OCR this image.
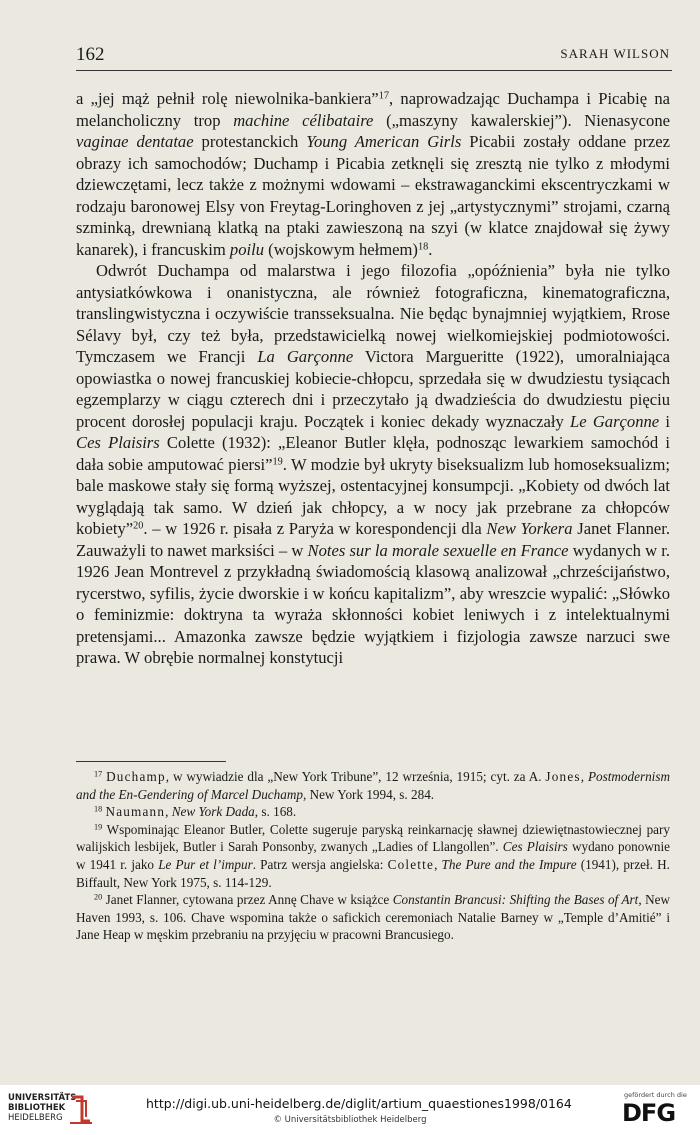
162	SARAH WILSON

a „jej mąż pełnił rolę niewolnika-bankiera”$^{17}$, naprowadzając Duchampa i Picabię na melancholiczny trop machine célibataire („maszyny kawalerskiej”). Nienasycone vaginae dentatae protestanckich Young American Girls Picabii zostały oddane przez obrazy ich samochodów; Duchamp i Picabia zetknęli się zresztą nie tylko z młodymi dziewczętami, lecz także z możnymi wdowami – ekstrawaganckimi ekscentryczkami w rodzaju baronowej Elsy von Freytag-Loringhoven z jej „artystycznymi” strojami, czarną szminką, drewnianą klatką na ptaki zawieszoną na szyi (w klatce znajdował się żywy kanarek), i francuskim poilu (wojskowym hełmem)$^{18}$.

Odwrót Duchampa od malarstwa i jego filozofia „opóźnienia” była nie tylko antysiatkówkowa i onanistyczna, ale również fotograficzna, kinematograficzna, translingwistyczna i oczywiście transseksualna. Nie będąc bynajmniej wyjątkiem, Rrose Sélavy był, czy też była, przedstawicielką nowej wielkomiejskiej podmiotowości. Tymczasem we Francji La Garçonne Victora Margueritte (1922), umoralniająca opowiastka o nowej francuskiej kobiecie-chłopcu, sprzedała się w dwudziestu tysiącach egzemplarzy w ciągu czterech dni i przeczytało ją dwadzieścia do dwudziestu pięciu procent dorosłej populacji kraju. Początek i koniec dekady wyznaczały Le Garçonne i Ces Plaisirs Colette (1932): „Eleanor Butler klęła, podnosząc lewarkiem samochód i dała sobie amputować piersi”$^{19}$. W modzie był ukryty biseksualizm lub homoseksualizm; bale maskowe stały się formą wyższej, ostentacyjnej konsumpcji. „Kobiety od dwóch lat wyglądają tak samo. W dzień jak chłopcy, a w nocy jak przebrane za chłopców kobiety”$^{20}$. – w 1926 r. pisała z Paryża w korespondencji dla New Yorkera Janet Flanner. Zauważyli to nawet marksiści – w Notes sur la morale sexuelle en France wydanych w r. 1926 Jean Montrevel z przykładną świadomością klasową analizował „chrześcijaństwo, rycerstwo, syfilis, życie dworskie i w końcu kapitalizm”, aby wreszcie wypalić: „Słówko o feminizmie: doktryna ta wyraża skłonności kobiet leniwych i z intelektualnymi pretensjami... Amazonka zawsze będzie wyjątkiem i fizjologia zawsze narzuci swe prawa. W obrębie normalnej konstytucji

$^{17}$ Duchamp, w wywiadzie dla „New York Tribune”, 12 września, 1915; cyt. za A. Jones, Postmodernism and the En-Gendering of Marcel Duchamp, New York 1994, s. 284.

$^{18}$ Naumann, New York Dada, s. 168.

$^{19}$ Wspominając Eleanor Butler, Colette sugeruje paryską reinkarnację sławnej dziewiętnastowiecznej pary walijskich lesbijek, Butler i Sarah Ponsonby, zwanych „Ladies of Llangollen”. Ces Plaisirs wydano ponownie w 1941 r. jako Le Pur et l’impur. Patrz wersja angielska: Colette, The Pure and the Impure (1941), przeł. H. Biffault, New York 1975, s. 114-129.

$^{20}$ Janet Flanner, cytowana przez Annę Chave w książce Constantin Brancusi: Shifting the Bases of Art, New Haven 1993, s. 106. Chave wspomina także o safickich ceremoniach Natalie Barney w „Temple d’Amitié” i Jane Heap w męskim przebraniu na przyjęciu w pracowni Brancusiego.

UNIVERSITÄTS-
BIBLIOTHEK
HEIDELBERG
http://digi.ub.uni-heidelberg.de/diglit/artium_quaestiones1998/0164
© Universitätsbibliothek Heidelberg
gefördert durch die
DFG
